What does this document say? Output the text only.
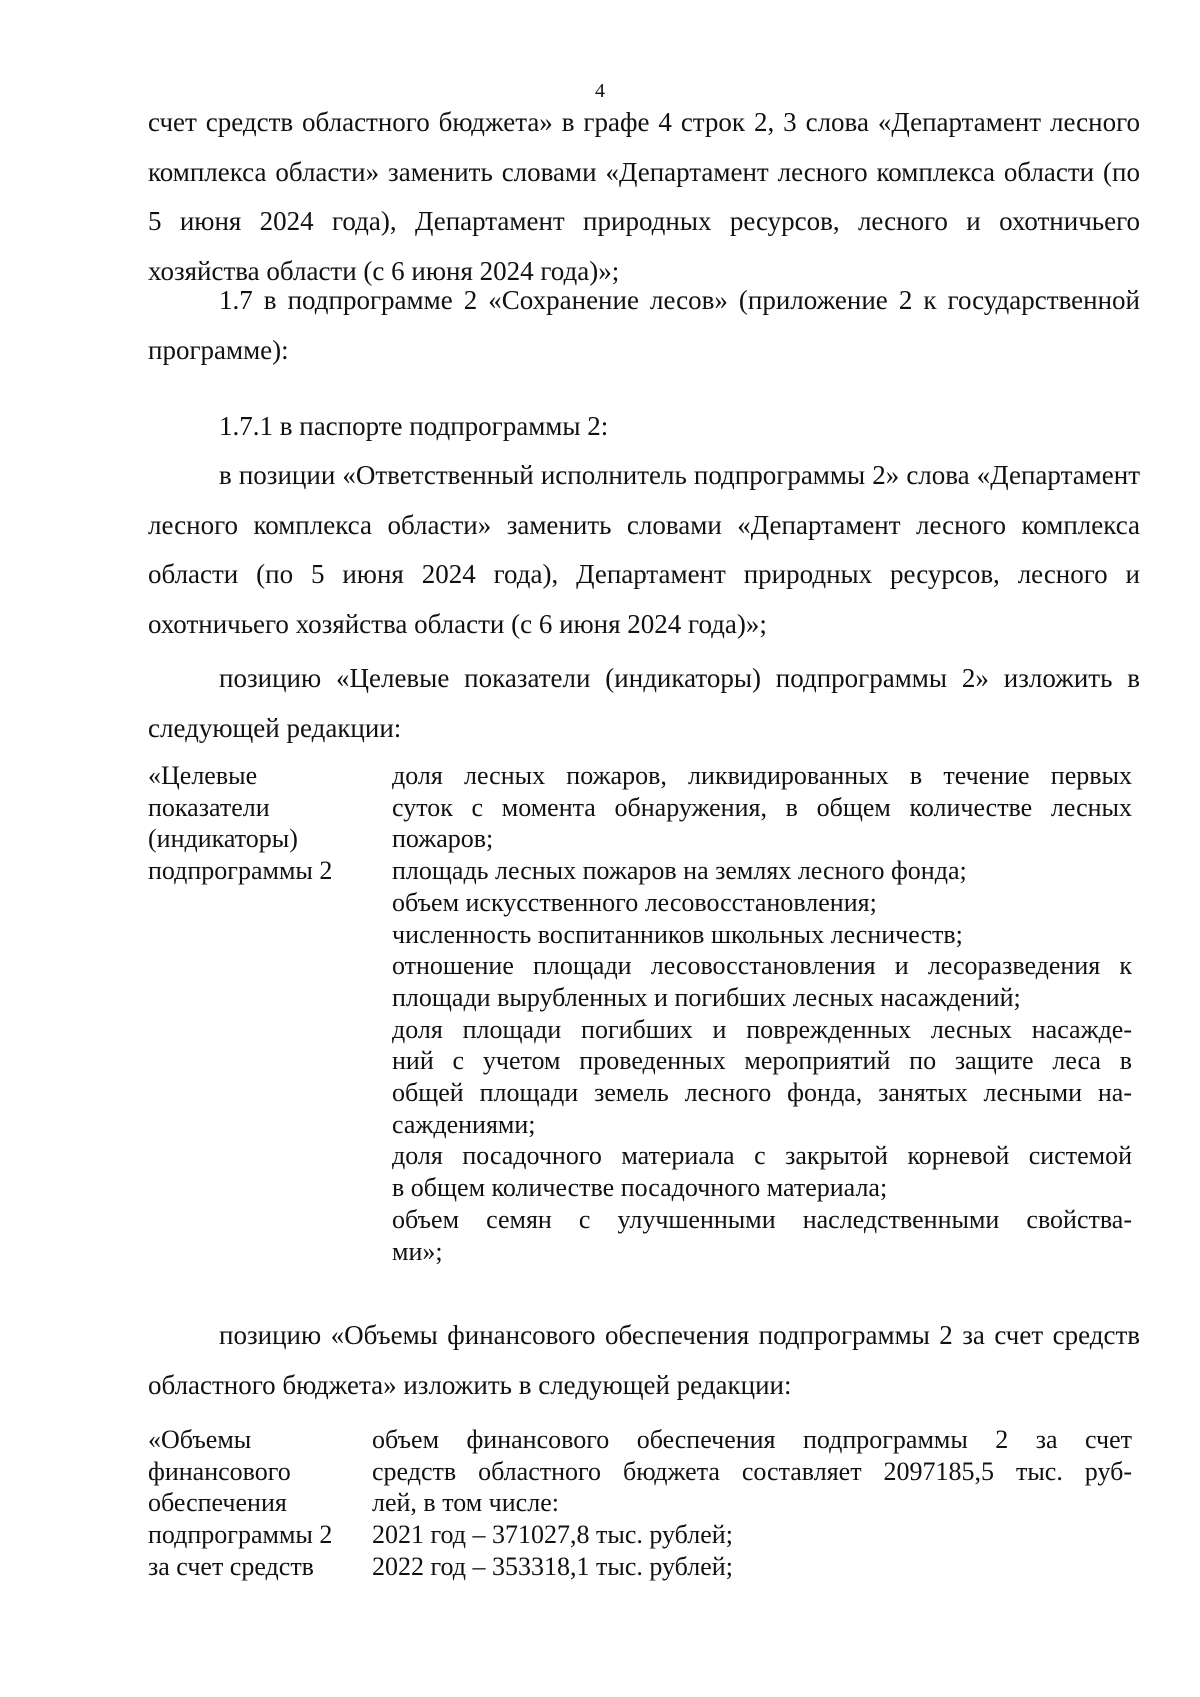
4
счет средств областного бюджета» в графе 4 строк 2, 3 слова «Департамент лесного комплекса области» заменить словами «Департамент лесного комплекса области (по 5 июня 2024 года), Департамент природных ресурсов, лесного и охотничьего хозяйства области (с 6 июня 2024 года)»;
1.7 в подпрограмме 2 «Сохранение лесов» (приложение 2 к государственной программе):
1.7.1 в паспорте подпрограммы 2:
в позиции «Ответственный исполнитель подпрограммы 2» слова «Департамент лесного комплекса области» заменить словами «Департамент лесного комплекса области (по 5 июня 2024 года), Департамент природных ресурсов, лесного и охотничьего хозяйства области (с 6 июня 2024 года)»;
позицию «Целевые показатели (индикаторы) подпрограммы 2» изложить в следующей редакции:
«Целевые
показатели
(индикаторы)
подпрограммы 2
доля лесных пожаров, ликвидированных в течение первых
суток с момента обнаружения, в общем количестве лесных
пожаров;
площадь лесных пожаров на землях лесного фонда;
объем искусственного лесовосстановления;
численность воспитанников школьных лесничеств;
отношение площади лесовосстановления и лесоразведения к
площади вырубленных и погибших лесных насаждений;
доля площади погибших и поврежденных лесных насажде-
ний с учетом проведенных мероприятий по защите леса в
общей площади земель лесного фонда, занятых лесными на-
саждениями;
доля посадочного материала с закрытой корневой системой
в общем количестве посадочного материала;
объем семян с улучшенными наследственными свойства-
ми»;
позицию «Объемы финансового обеспечения подпрограммы 2 за счет средств областного бюджета» изложить в следующей редакции:
«Объемы
финансового
обеспечения
подпрограммы 2
за счет средств
объем финансового обеспечения подпрограммы 2 за счет
средств областного бюджета составляет 2097185,5 тыс. руб-
лей, в том числе:
2021 год – 371027,8 тыс. рублей;
2022 год – 353318,1 тыс. рублей;
